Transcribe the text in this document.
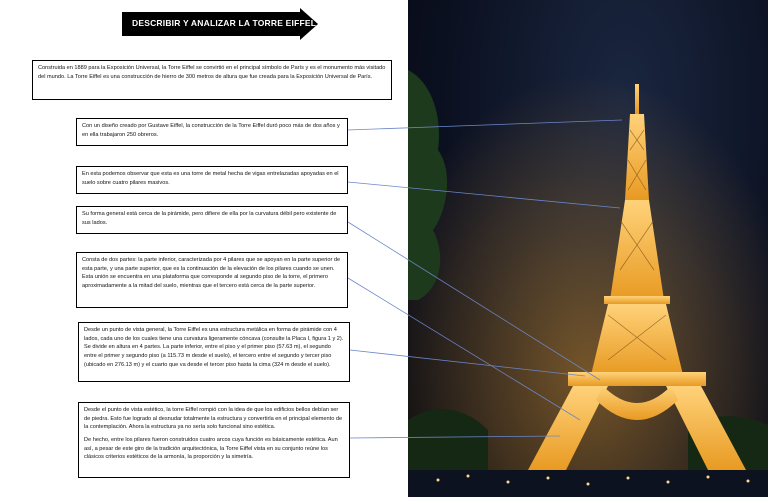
DESCRIBIR Y ANALIZAR LA TORRE EIFFEL

Construida en 1889 para la Exposición Universal, la Torre Eiffel se convirtió en el principal símbolo de París y es el monumento más visitado del mundo. La Torre Eiffel es una construcción de hierro de 300 metros de altura que fue creada para la Exposición Universal de París.

Con un diseño creado por Gustave Eiffel, la construcción de la Torre Eiffel duró poco más de dos años y en ella trabajaron 250 obreros.

En esta podemos observar que esta es una torre de metal hecha de vigas entrelazadas apoyadas en el suelo sobre cuatro pilares masivos.

Su forma general está cerca de la pirámide, pero difiere de ella por la curvatura débil pero existente de sus lados.

Consta de dos partes: la parte inferior, caracterizada por 4 pilares que se apoyan en la parte superior de esta parte, y una parte superior, que es la continuación de la elevación de los pilares cuando se unen. Esta unión se encuentra en una plataforma que corresponde al segundo piso de la torre, el primero aproximadamente a la mitad del suelo, mientras que el tercero está cerca de la parte superior.

Desde un punto de vista general, la Torre Eiffel es una estructura metálica en forma de pirámide con 4 lados, cada uno de los cuales tiene una curvatura ligeramente cóncava (consulte la Placa I, figura 1 y 2). Se divide en altura en 4 partes. La parte inferior, entre el piso y el primer piso (57.63 m), el segundo entre el primer y segundo piso (a 115.73 m desde el suelo), el tercero entre el segundo y tercer piso (ubicado en 276.13 m) y el cuarto que va desde el tercer piso hasta la cima (324 m desde el suelo).

Desde el punto de vista estético, la torre Eiffel rompió con la idea de que los edificios bellos debían ser de piedra. Esto fue logrado al desnudar totalmente la estructura y convertirla en el principal elemento de la contemplación. Ahora la estructura ya no sería solo funcional sino estética.

De hecho, entre los pilares fueron construidos cuatro arcos cuya función es básicamente estética. Aun así, a pesar de este giro de la tradición arquitectónica, la Torre Eiffel vista en su conjunto reúne los clásicos criterios estéticos de la armonía, la proporción y la simetría.
